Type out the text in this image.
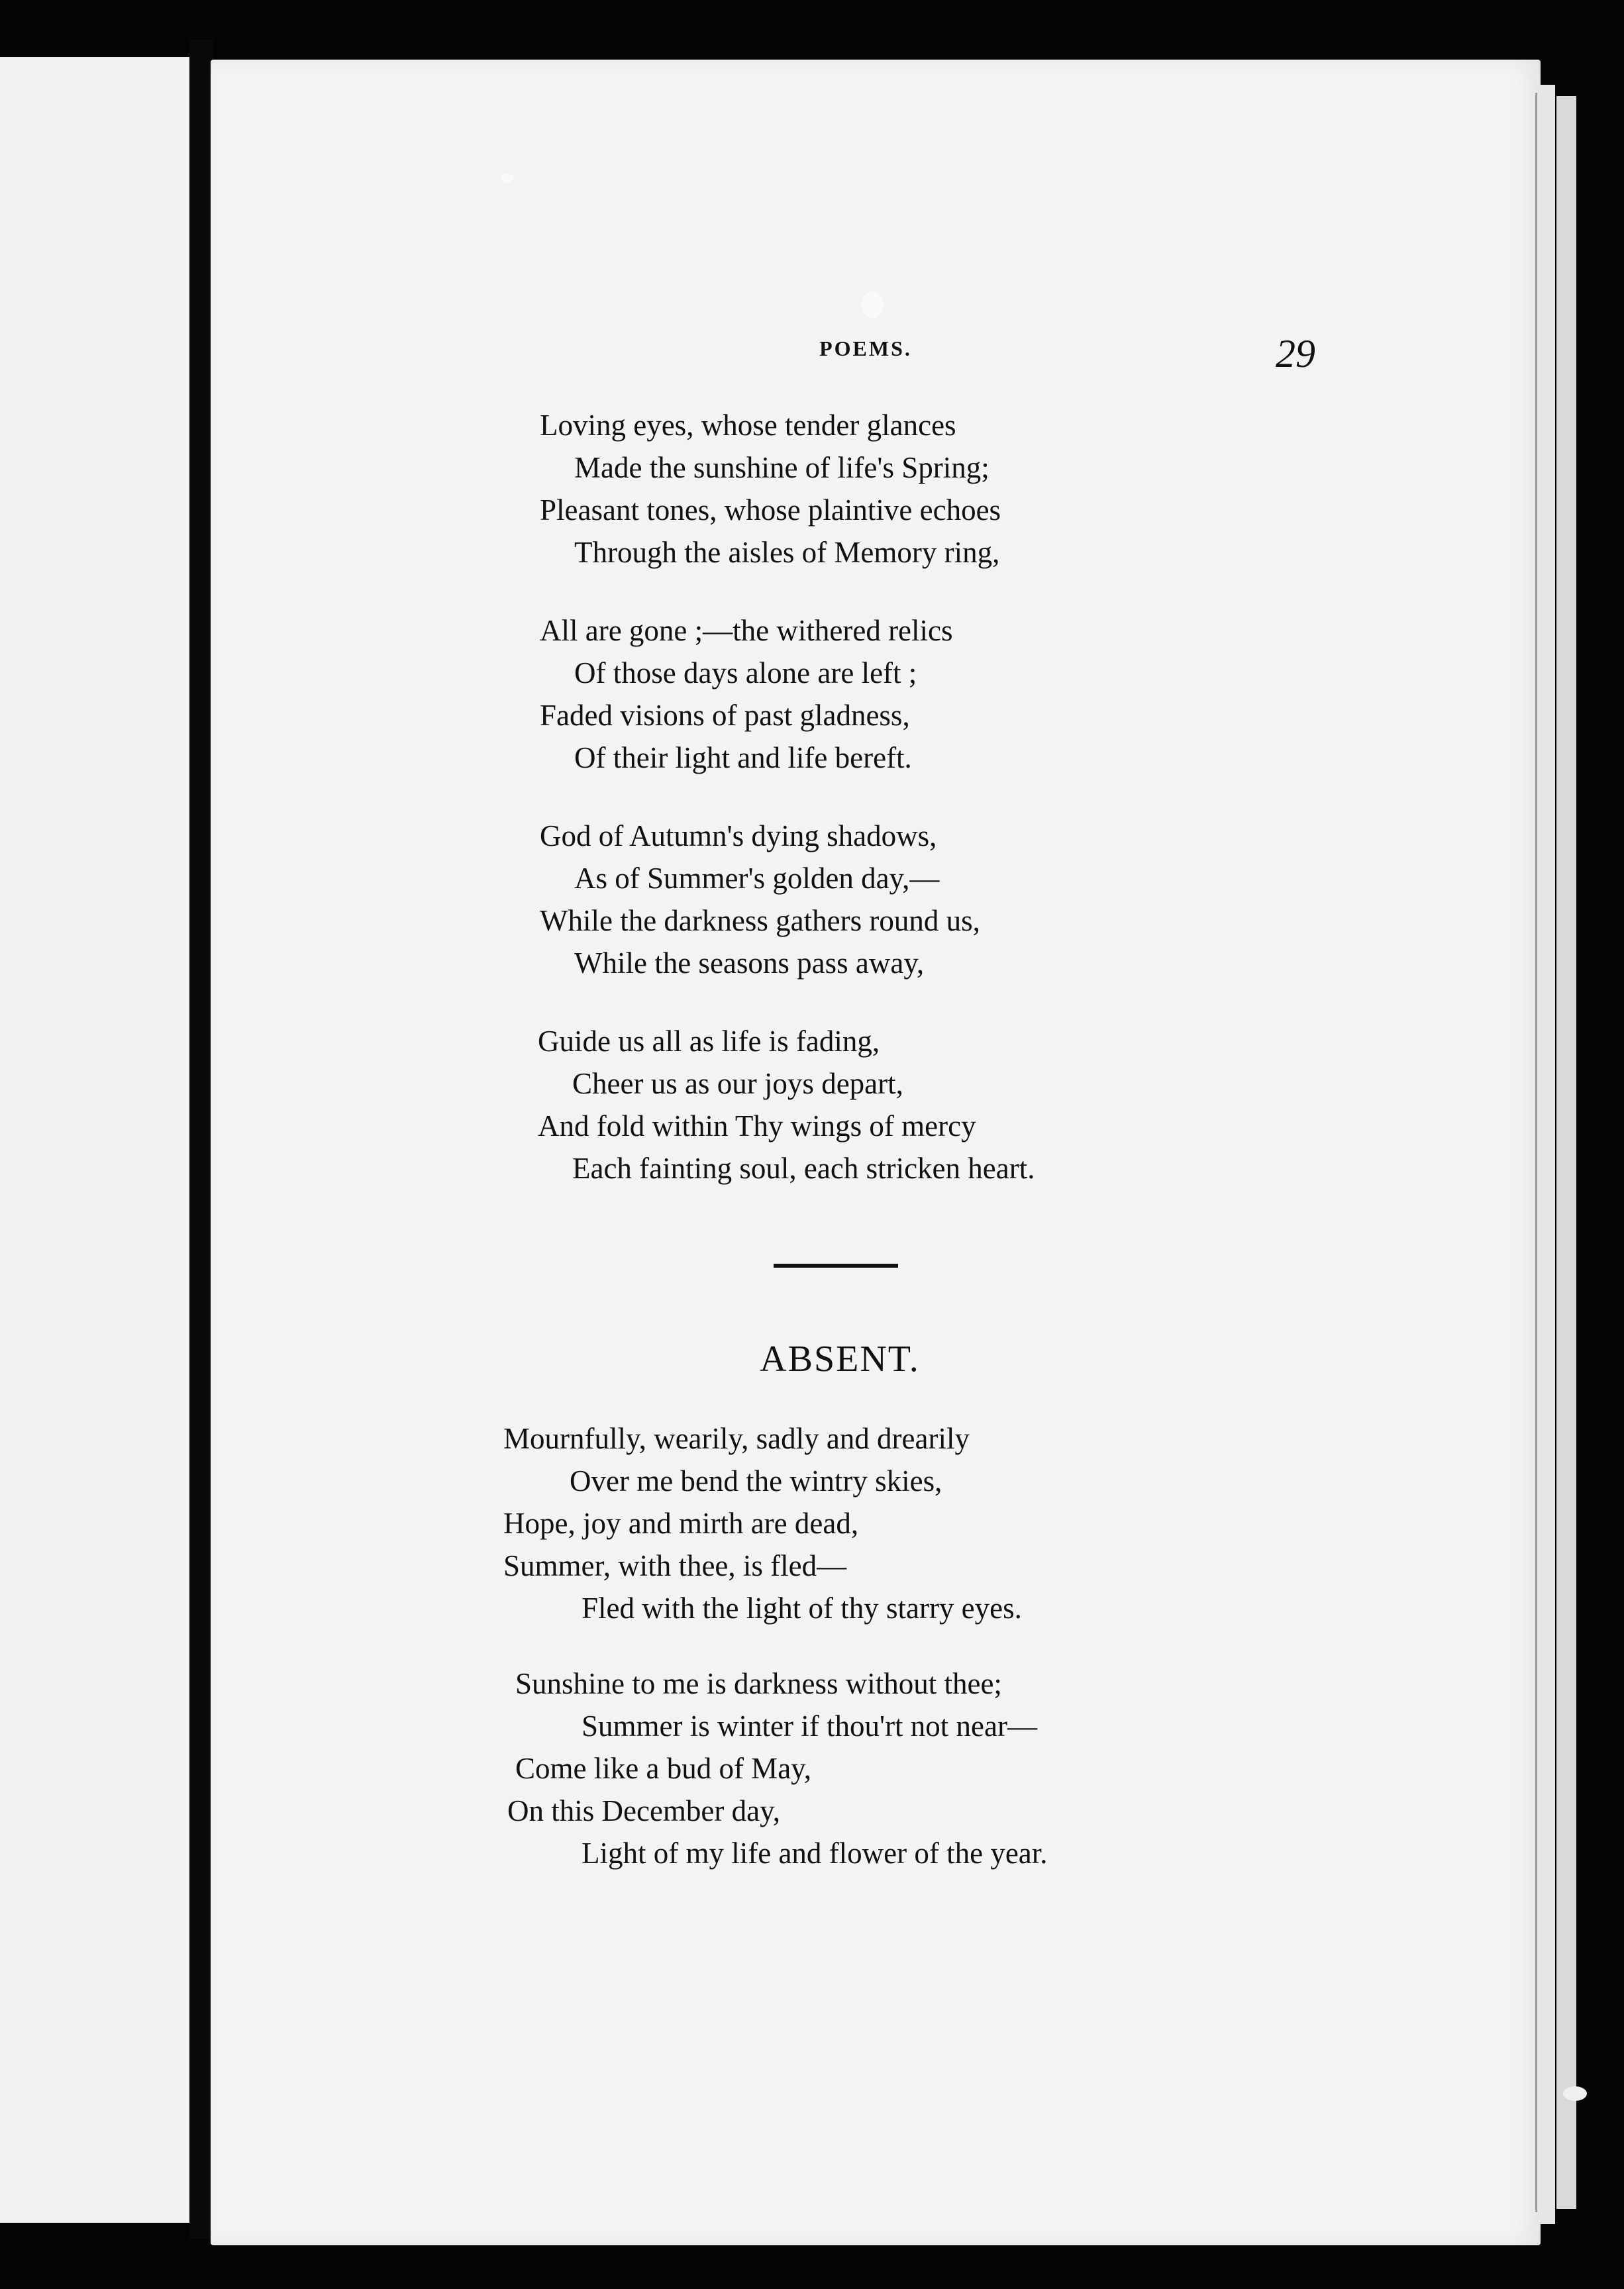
POEMS.	29
Loving eyes, whose tender glances
Made the sunshine of life's Spring;
Pleasant tones, whose plaintive echoes
Through the aisles of Memory ring,
All are gone ;—the withered relics
Of those days alone are left ;
Faded visions of past gladness,
Of their light and life bereft.
God of Autumn's dying shadows,
As of Summer's golden day,—
While the darkness gathers round us,
While the seasons pass away,
Guide us all as life is fading,
Cheer us as our joys depart,
And fold within Thy wings of mercy
Each fainting soul, each stricken heart.
ABSENT.
Mournfully, wearily, sadly and drearily
Over me bend the wintry skies,
Hope, joy and mirth are dead,
Summer, with thee, is fled—
Fled with the light of thy starry eyes.
Sunshine to me is darkness without thee;
Summer is winter if thou'rt not near—
Come like a bud of May,
On this December day,
Light of my life and flower of the year.
